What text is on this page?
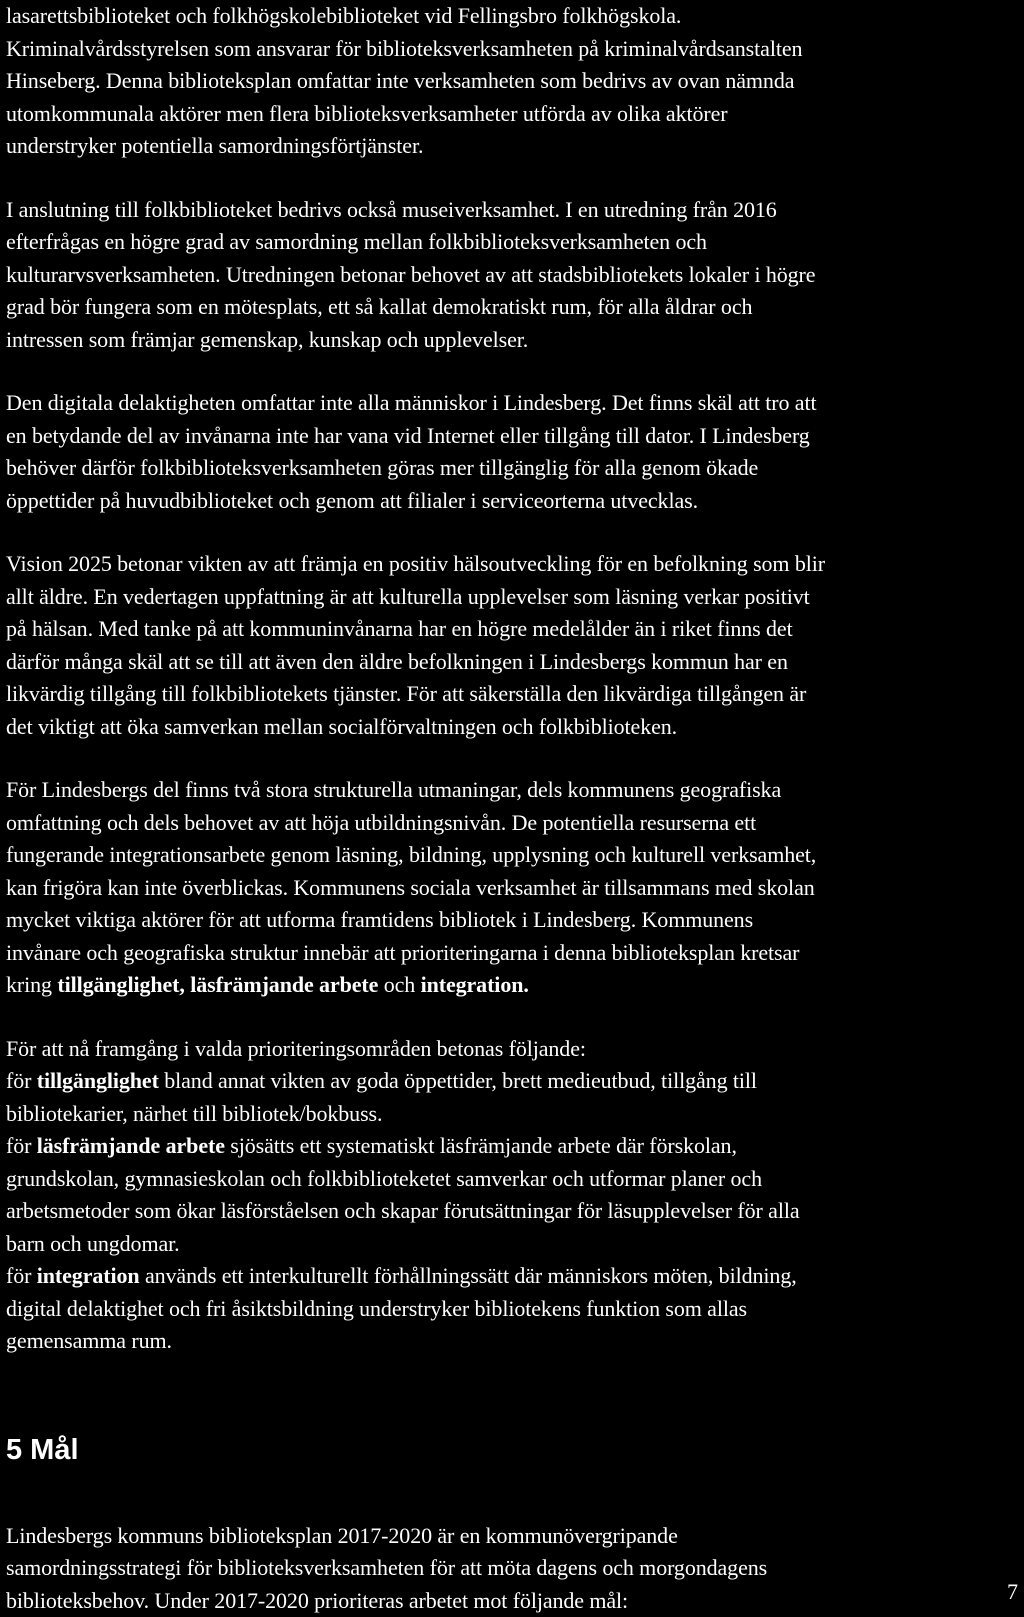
lasarettsbiblioteket och folkhögskolebiblioteket vid Fellingsbro folkhögskola.
Kriminalvårdsstyrelsen som ansvarar för biblioteksverksamheten på kriminalvårdsanstalten
Hinseberg. Denna biblioteksplan omfattar inte verksamheten som bedrivs av ovan nämnda
utomkommunala aktörer men flera biblioteksverksamheter utförda av olika aktörer
understryker potentiella samordningsförtjänster.

I anslutning till folkbiblioteket bedrivs också museiverksamhet. I en utredning från 2016
efterfrågas en högre grad av samordning mellan folkbiblioteksverksamheten och
kulturarvsverksamheten. Utredningen betonar behovet av att stadsbibliotekets lokaler i högre
grad bör fungera som en mötesplats, ett så kallat demokratiskt rum, för alla åldrar och
intressen som främjar gemenskap, kunskap och upplevelser.

Den digitala delaktigheten omfattar inte alla människor i Lindesberg. Det finns skäl att tro att
en betydande del av invånarna inte har vana vid Internet eller tillgång till dator. I Lindesberg
behöver därför folkbiblioteksverksamheten göras mer tillgänglig för alla genom ökade
öppettider på huvudbiblioteket och genom att filialer i serviceorterna utvecklas.

Vision 2025 betonar vikten av att främja en positiv hälsoutveckling för en befolkning som blir
allt äldre. En vedertagen uppfattning är att kulturella upplevelser som läsning verkar positivt
på hälsan. Med tanke på att kommuninvånarna har en högre medelålder än i riket finns det
därför många skäl att se till att även den äldre befolkningen i Lindesbergs kommun har en
likvärdig tillgång till folkbibliotekets tjänster. För att säkerställa den likvärdiga tillgången är
det viktigt att öka samverkan mellan socialförvaltningen och folkbiblioteken.

För Lindesbergs del finns två stora strukturella utmaningar, dels kommunens geografiska
omfattning och dels behovet av att höja utbildningsnivån. De potentiella resurserna ett
fungerande integrationsarbete genom läsning, bildning, upplysning och kulturell verksamhet,
kan frigöra kan inte överblickas. Kommunens sociala verksamhet är tillsammans med skolan
mycket viktiga aktörer för att utforma framtidens bibliotek i Lindesberg. Kommunens
invånare och geografiska struktur innebär att prioriteringarna i denna biblioteksplan kretsar
kring tillgänglighet, läsfrämjande arbete och integration.

För att nå framgång i valda prioriteringsområden betonas följande:
för tillgänglighet bland annat vikten av goda öppettider, brett medieutbud, tillgång till
bibliotekarier, närhet till bibliotek/bokbuss.
för läsfrämjande arbete sjösätts ett systematiskt läsfrämjande arbete där förskolan,
grundskolan, gymnasieskolan och folkbiblioteketet samverkar och utformar planer och
arbetsmetoder som ökar läsförståelsen och skapar förutsättningar för läsupplevelser för alla
barn och ungdomar.
för integration används ett interkulturellt förhållningssätt där människors möten, bildning,
digital delaktighet och fri åsiktsbildning understryker bibliotekens funktion som allas
gemensamma rum.

5 Mål

Lindesbergs kommuns biblioteksplan 2017-2020 är en kommunövergripande
samordningsstrategi för biblioteksverksamheten för att möta dagens och morgondagens
biblioteksbehov. Under 2017-2020 prioriteras arbetet mot följande mål:	7
